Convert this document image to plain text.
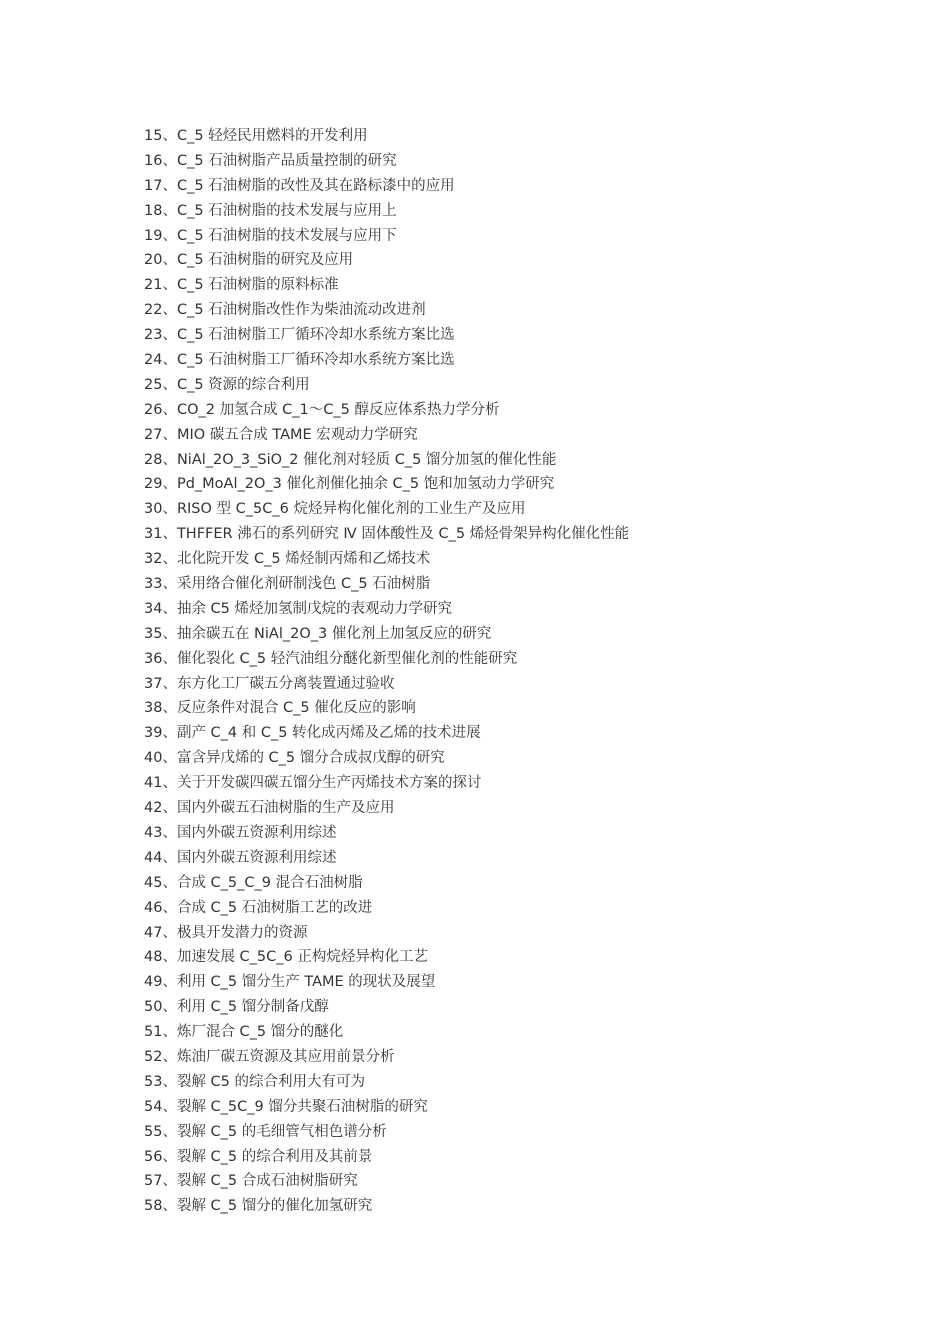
15、C_5 轻烃民用燃料的开发利用
16、C_5 石油树脂产品质量控制的研究
17、C_5 石油树脂的改性及其在路标漆中的应用
18、C_5 石油树脂的技术发展与应用上
19、C_5 石油树脂的技术发展与应用下
20、C_5 石油树脂的研究及应用
21、C_5 石油树脂的原料标准
22、C_5 石油树脂改性作为柴油流动改进剂
23、C_5 石油树脂工厂循环冷却水系统方案比选
24、C_5 石油树脂工厂循环冷却水系统方案比选
25、C_5 资源的综合利用
26、CO_2 加氢合成 C_1～C_5 醇反应体系热力学分析
27、MIO 碳五合成 TAME 宏观动力学研究
28、NiAl_2O_3_SiO_2 催化剂对轻质 C_5 馏分加氢的催化性能
29、Pd_MoAl_2O_3 催化剂催化抽余 C_5 饱和加氢动力学研究
30、RISO 型 C_5C_6 烷烃异构化催化剂的工业生产及应用
31、THFFER 沸石的系列研究 Ⅳ 固体酸性及 C_5 烯烃骨架异构化催化性能
32、北化院开发 C_5 烯烃制丙烯和乙烯技术
33、采用络合催化剂研制浅色 C_5 石油树脂
34、抽余 C5 烯烃加氢制戊烷的表观动力学研究
35、抽余碳五在 NiAl_2O_3 催化剂上加氢反应的研究
36、催化裂化 C_5 轻汽油组分醚化新型催化剂的性能研究
37、东方化工厂碳五分离装置通过验收
38、反应条件对混合 C_5 催化反应的影响
39、副产 C_4 和 C_5 转化成丙烯及乙烯的技术进展
40、富含异戊烯的 C_5 馏分合成叔戊醇的研究
41、关于开发碳四碳五馏分生产丙烯技术方案的探讨
42、国内外碳五石油树脂的生产及应用
43、国内外碳五资源利用综述
44、国内外碳五资源利用综述
45、合成 C_5_C_9 混合石油树脂
46、合成 C_5 石油树脂工艺的改进
47、极具开发潜力的资源
48、加速发展 C_5C_6 正构烷烃异构化工艺
49、利用 C_5 馏分生产 TAME 的现状及展望
50、利用 C_5 馏分制备戊醇
51、炼厂混合 C_5 馏分的醚化
52、炼油厂碳五资源及其应用前景分析
53、裂解 C5 的综合利用大有可为
54、裂解 C_5C_9 馏分共聚石油树脂的研究
55、裂解 C_5 的毛细管气相色谱分析
56、裂解 C_5 的综合利用及其前景
57、裂解 C_5 合成石油树脂研究
58、裂解 C_5 馏分的催化加氢研究
